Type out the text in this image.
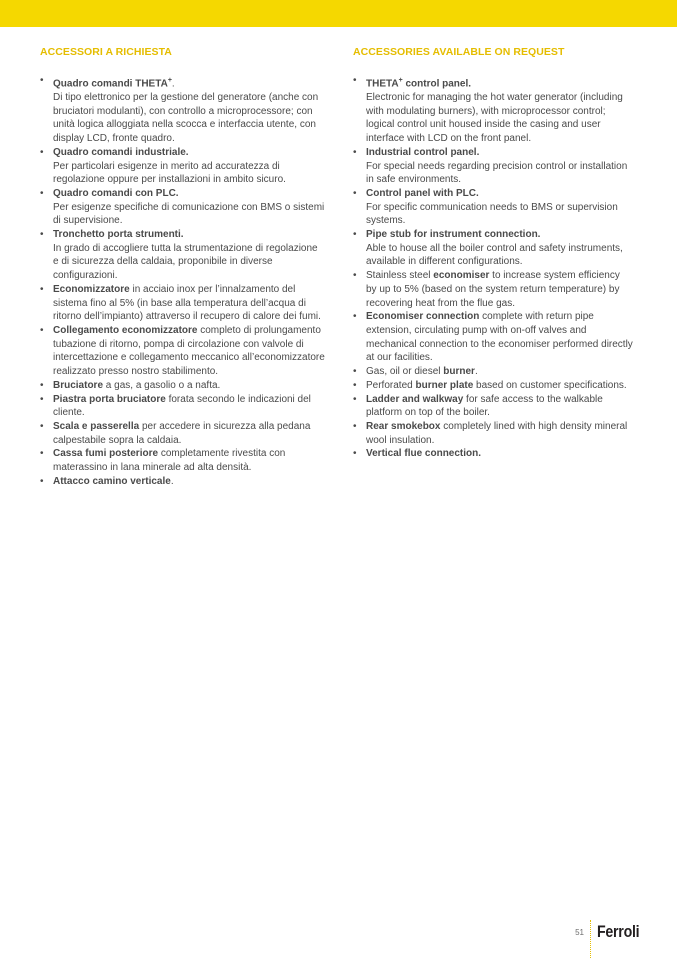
ACCESSORI A RICHIESTA
• Quadro comandi THETA+.
Di tipo elettronico per la gestione del generatore (anche con bruciatori modulanti), con controllo a microprocessore; con unità logica alloggiata nella scocca e interfaccia utente, con display LCD, fronte quadro.
• Quadro comandi industriale.
Per particolari esigenze in merito ad accuratezza di regolazione oppure per installazioni in ambito sicuro.
• Quadro comandi con PLC.
Per esigenze specifiche di comunicazione con BMS o sistemi di supervisione.
• Tronchetto porta strumenti.
In grado di accogliere tutta la strumentazione di regolazione e di sicurezza della caldaia, proponibile in diverse configurazioni.
• Economizzatore in acciaio inox per l’innalzamento del sistema fino al 5% (in base alla temperatura dell’acqua di ritorno dell’impianto) attraverso il recupero di calore dei fumi.
• Collegamento economizzatore completo di prolungamento tubazione di ritorno, pompa di circolazione con valvole di intercettazione e collegamento meccanico all’economizzatore realizzato presso nostro stabilimento.
• Bruciatore a gas, a gasolio o a nafta.
• Piastra porta bruciatore forata secondo le indicazioni del cliente.
• Scala e passerella per accedere in sicurezza alla pedana calpestabile sopra la caldaia.
• Cassa fumi posteriore completamente rivestita con materassino in lana minerale ad alta densità.
• Attacco camino verticale.
ACCESSORIES AVAILABLE ON REQUEST
• THETA+ control panel.
Electronic for managing the hot water generator (including with modulating burners), with microprocessor control; logical control unit housed inside the casing and user interface with LCD on the front panel.
• Industrial control panel.
For special needs regarding precision control or installation in safe environments.
• Control panel with PLC.
For specific communication needs to BMS or supervision systems.
• Pipe stub for instrument connection.
Able to house all the boiler control and safety instruments, available in different configurations.
• Stainless steel economiser to increase system efficiency by up to 5% (based on the system return temperature) by recovering heat from the flue gas.
• Economiser connection complete with return pipe extension, circulating pump with on-off valves and mechanical connection to the economiser performed directly at our facilities.
• Gas, oil or diesel burner.
• Perforated burner plate based on customer specifications.
• Ladder and walkway for safe access to the walkable platform on top of the boiler.
• Rear smokebox completely lined with high density mineral wool insulation.
• Vertical flue connection.
51 Ferroli
